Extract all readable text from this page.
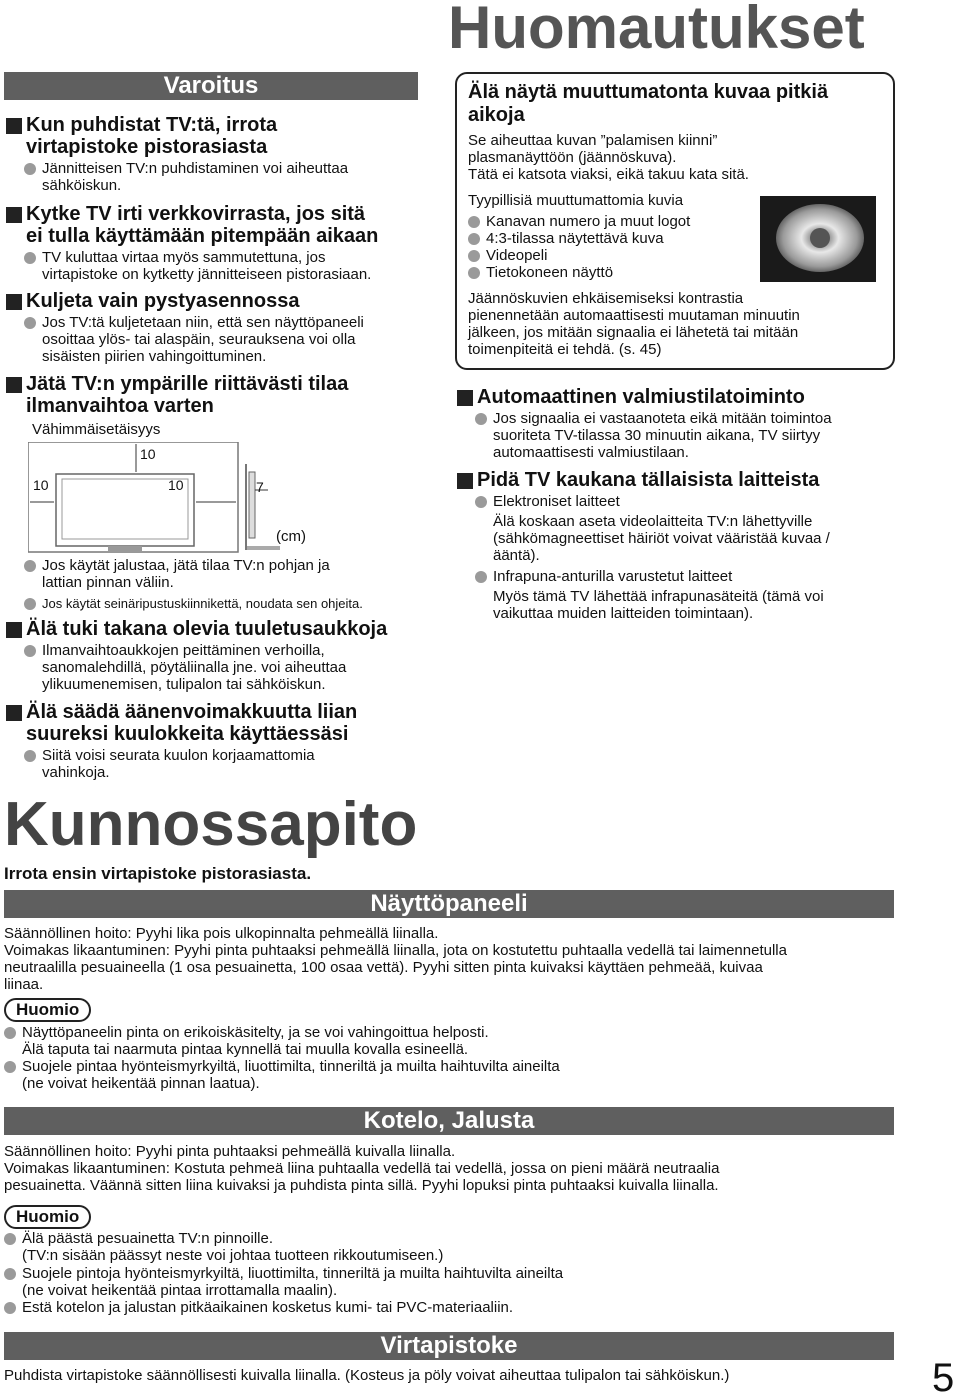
Huomautukset
Varoitus
Kun puhdistat TV:tä, irrota
virtapistoke pistorasiasta
Jännitteisen TV:n puhdistaminen voi aiheuttaa
sähköiskun.
Kytke TV irti verkkovirrasta, jos sitä
ei tulla käyttämään pitempään aikaan
TV kuluttaa virtaa myös sammutettuna, jos
virtapistoke on kytketty jännitteiseen pistorasiaan.
Kuljeta vain pystyasennossa
Jos TV:tä kuljetetaan niin, että sen näyttöpaneeli
osoittaa ylös- tai alaspäin, seurauksena voi olla
sisäisten piirien vahingoittuminen.
Jätä TV:n ympärille riittävästi tilaa
ilmanvaihtoa varten
Vähimmäisetäisyys
10
10	10	7
(cm)
Jos käytät jalustaa, jätä tilaa TV:n pohjan ja
lattian pinnan väliin.
Jos käytät seinäripustuskiinnikettä, noudata sen ohjeita.
Älä tuki takana olevia tuuletusaukkoja
Ilmanvaihtoaukkojen peittäminen verhoilla,
sanomalehdillä, pöytäliinalla jne. voi aiheuttaa
ylikuumenemisen, tulipalon tai sähköiskun.
Älä säädä äänenvoimakkuutta liian
suureksi kuulokkeita käyttäessäsi
Siitä voisi seurata kuulon korjaamattomia
vahinkoja.
Älä näytä muuttumatonta kuvaa pitkiä
aikoja
Se aiheuttaa kuvan ”palamisen kiinni”
plasmanäyttöön (jäännöskuva).
Tätä ei katsota viaksi, eikä takuu kata sitä.
Tyypillisiä muuttumattomia kuvia
Kanavan numero ja muut logot
4:3-tilassa näytettävä kuva
Videopeli
Tietokoneen näyttö
Jäännöskuvien ehkäisemiseksi kontrastia
pienennetään automaattisesti muutaman minuutin
jälkeen, jos mitään signaalia ei lähetetä tai mitään
toimenpiteitä ei tehdä. (s. 45)
Automaattinen valmiustilatoiminto
Jos signaalia ei vastaanoteta eikä mitään toimintoa
suoriteta TV-tilassa 30 minuutin aikana, TV siirtyy
automaattisesti valmiustilaan.
Pidä TV kaukana tällaisista laitteista
Elektroniset laitteet
Älä koskaan aseta videolaitteita TV:n lähettyville
(sähkömagneettiset häiriöt voivat vääristää kuvaa /
ääntä).
Infrapuna-anturilla varustetut laitteet
Myös tämä TV lähettää infrapunasäteitä (tämä voi
vaikuttaa muiden laitteiden toimintaan).
Kunnossapito
Irrota ensin virtapistoke pistorasiasta.
Näyttöpaneeli
Säännöllinen hoito: Pyyhi lika pois ulkopinnalta pehmeällä liinalla.
Voimakas likaantuminen: Pyyhi pinta puhtaaksi pehmeällä liinalla, jota on kostutettu puhtaalla vedellä tai laimennetulla
neutraalilla pesuaineella (1 osa pesuainetta, 100 osaa vettä). Pyyhi sitten pinta kuivaksi käyttäen pehmeää, kuivaa
liinaa.
Huomio
Näyttöpaneelin pinta on erikoiskäsitelty, ja se voi vahingoittua helposti.
Älä taputa tai naarmuta pintaa kynnellä tai muulla kovalla esineellä.
Suojele pintaa hyönteismyrkyiltä, liuottimilta, tinneriltä ja muilta haihtuvilta aineilta
(ne voivat heikentää pinnan laatua).
Kotelo, Jalusta
Säännöllinen hoito: Pyyhi pinta puhtaaksi pehmeällä kuivalla liinalla.
Voimakas likaantuminen: Kostuta pehmeä liina puhtaalla vedellä tai vedellä, jossa on pieni määrä neutraalia
pesuainetta. Väännä sitten liina kuivaksi ja puhdista pinta sillä. Pyyhi lopuksi pinta puhtaaksi kuivalla liinalla.
Huomio
Älä päästä pesuainetta TV:n pinnoille.
(TV:n sisään päässyt neste voi johtaa tuotteen rikkoutumiseen.)
Suojele pintoja hyönteismyrkyiltä, liuottimilta, tinneriltä ja muilta haihtuvilta aineilta
(ne voivat heikentää pintaa irrottamalla maalin).
Estä kotelon ja jalustan pitkäaikainen kosketus kumi- tai PVC-materiaaliin.
Virtapistoke
Puhdista virtapistoke säännöllisesti kuivalla liinalla. (Kosteus ja pöly voivat aiheuttaa tulipalon tai sähköiskun.)	5
